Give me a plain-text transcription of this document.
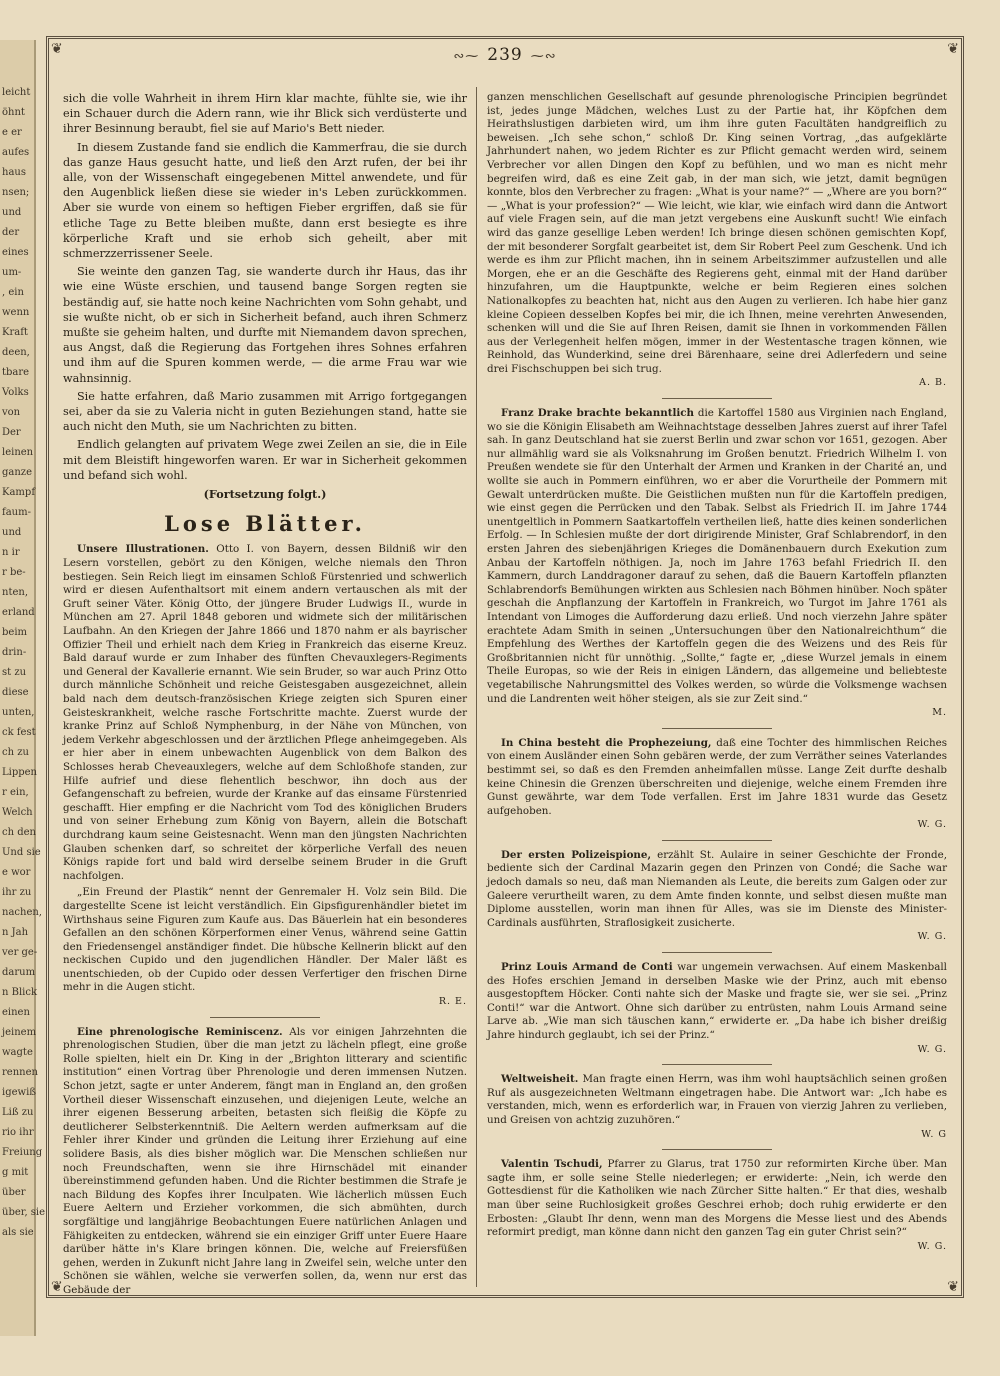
leicht
öhnt
e er
aufes
haus
nsen;
und
der
eines
um-
, ein
wenn
Kraft
deen,
tbare
Volks
von
Der
leinen
ganze
Kampf
faum-
und
n ir
r be-
nten,
erland
beim
drin-
st zu
diese
unten,
ck fest
ch zu
Lippen
r ein,
Welch
ch den
Und sie
e wor
ihr zu
nachen,
n Jah
ver ge-
darum
n Blick
einen
jeinem
wagte
rennen
igewiß
Liß zu
rio ihr
Freiung
g mit
über
über, sie
als sie
❦	❦
❦	❦
∾⁓ 239 ⁓∾

sich die volle Wahrheit in ihrem Hirn klar machte, fühlte sie, wie ihr ein Schauer durch die Adern rann, wie ihr Blick sich verdüsterte und ihrer Besinnung beraubt, fiel sie auf Mario's Bett nieder.

In diesem Zustande fand sie endlich die Kammerfrau, die sie durch das ganze Haus gesucht hatte, und ließ den Arzt rufen, der bei ihr alle, von der Wissenschaft eingegebenen Mittel anwendete, und für den Augenblick ließen diese sie wieder in's Leben zurückkommen. Aber sie wurde von einem so heftigen Fieber ergriffen, daß sie für etliche Tage zu Bette bleiben mußte, dann erst besiegte es ihre körperliche Kraft und sie erhob sich geheilt, aber mit schmerzzerrissener Seele.

Sie weinte den ganzen Tag, sie wanderte durch ihr Haus, das ihr wie eine Wüste erschien, und tausend bange Sorgen regten sie beständig auf, sie hatte noch keine Nachrichten vom Sohn gehabt, und sie wußte nicht, ob er sich in Sicherheit befand, auch ihren Schmerz mußte sie geheim halten, und durfte mit Niemandem davon sprechen, aus Angst, daß die Regierung das Fortgehen ihres Sohnes erfahren und ihm auf die Spuren kommen werde, — die arme Frau war wie wahnsinnig.

Sie hatte erfahren, daß Mario zusammen mit Arrigo fortgegangen sei, aber da sie zu Valeria nicht in guten Beziehungen stand, hatte sie auch nicht den Muth, sie um Nachrichten zu bitten.

Endlich gelangten auf privatem Wege zwei Zeilen an sie, die in Eile mit dem Bleistift hingeworfen waren. Er war in Sicherheit gekommen und befand sich wohl.

(Fortsetzung folgt.)
Lose Blätter.

Unsere Illustrationen. Otto I. von Bayern, dessen Bildniß wir den Lesern vorstellen, gebört zu den Königen, welche niemals den Thron bestiegen. Sein Reich liegt im einsamen Schloß Fürstenried und schwerlich wird er diesen Aufenthaltsort mit einem andern vertauschen als mit der Gruft seiner Väter. König Otto, der jüngere Bruder Ludwigs II., wurde in München am 27. April 1848 geboren und widmete sich der militärischen Laufbahn. An den Kriegen der Jahre 1866 und 1870 nahm er als bayrischer Offizier Theil und erhielt nach dem Krieg in Frankreich das eiserne Kreuz. Bald darauf wurde er zum Inhaber des fünften Chevauxlegers-Regiments und General der Kavallerie ernannt. Wie sein Bruder, so war auch Prinz Otto durch männliche Schönheit und reiche Geistesgaben ausgezeichnet, allein bald nach dem deutsch-französischen Kriege zeigten sich Spuren einer Geisteskrankheit, welche rasche Fortschritte machte. Zuerst wurde der kranke Prinz auf Schloß Nymphenburg, in der Nähe von München, von jedem Verkehr abgeschlossen und der ärztlichen Pflege anheimgegeben. Als er hier aber in einem unbewachten Augenblick von dem Balkon des Schlosses herab Cheveauxlegers, welche auf dem Schloßhofe standen, zur Hilfe aufrief und diese flehentlich beschwor, ihn doch aus der Gefangenschaft zu befreien, wurde der Kranke auf das einsame Fürstenried geschafft. Hier empfing er die Nachricht vom Tod des königlichen Bruders und von seiner Erhebung zum König von Bayern, allein die Botschaft durchdrang kaum seine Geistesnacht. Wenn man den jüngsten Nachrichten Glauben schenken darf, so schreitet der körperliche Verfall des neuen Königs rapide fort und bald wird derselbe seinem Bruder in die Gruft nachfolgen.

„Ein Freund der Plastik“ nennt der Genremaler H. Volz sein Bild. Die dargestellte Scene ist leicht verständlich. Ein Gipsfigurenhändler bietet im Wirthshaus seine Figuren zum Kaufe aus. Das Bäuerlein hat ein besonderes Gefallen an den schönen Körperformen einer Venus, während seine Gattin den Friedensengel anständiger findet. Die hübsche Kellnerin blickt auf den neckischen Cupido und den jugendlichen Händler. Der Maler läßt es unentschieden, ob der Cupido oder dessen Verfertiger den frischen Dirne mehr in die Augen sticht.
R. E.

Eine phrenologische Reminiscenz. Als vor einigen Jahrzehnten die phrenologischen Studien, über die man jetzt zu lächeln pflegt, eine große Rolle spielten, hielt ein Dr. King in der „Brighton litterary and scientific institution“ einen Vortrag über Phrenologie und deren immensen Nutzen. Schon jetzt, sagte er unter Anderem, fängt man in England an, den großen Vortheil dieser Wissenschaft einzusehen, und diejenigen Leute, welche an ihrer eigenen Besserung arbeiten, betasten sich fleißig die Köpfe zu deutlicherer Selbsterkenntniß. Die Aeltern werden aufmerksam auf die Fehler ihrer Kinder und gründen die Leitung ihrer Erziehung auf eine solidere Basis, als dies bisher möglich war. Die Menschen schließen nur noch Freundschaften, wenn sie ihre Hirnschädel mit einander übereinstimmend gefunden haben. Und die Richter bestimmen die Strafe je nach Bildung des Kopfes ihrer Inculpaten. Wie lächerlich müssen Euch Euere Aeltern und Erzieher vorkommen, die sich abmühten, durch sorgfältige und langjährige Beobachtungen Euere natürlichen Anlagen und Fähigkeiten zu entdecken, während sie ein einziger Griff unter Euere Haare darüber hätte in's Klare bringen können. Die, welche auf Freiersfüßen gehen, werden in Zukunft nicht Jahre lang in Zweifel sein, welche unter den Schönen sie wählen, welche sie verwerfen sollen, da, wenn nur erst das Gebäude der

ganzen menschlichen Gesellschaft auf gesunde phrenologische Principien begründet ist, jedes junge Mädchen, welches Lust zu der Partie hat, ihr Köpfchen dem Heirathslustigen darbieten wird, um ihm ihre guten Facultäten handgreiflich zu beweisen. „Ich sehe schon,“ schloß Dr. King seinen Vortrag, „das aufgeklärte Jahrhundert nahen, wo jedem Richter es zur Pflicht gemacht werden wird, seinem Verbrecher vor allen Dingen den Kopf zu befühlen, und wo man es nicht mehr begreifen wird, daß es eine Zeit gab, in der man sich, wie jetzt, damit begnügen konnte, blos den Verbrecher zu fragen: „What is your name?“ — „Where are you born?“ — „What is your profession?“ — Wie leicht, wie klar, wie einfach wird dann die Antwort auf viele Fragen sein, auf die man jetzt vergebens eine Auskunft sucht! Wie einfach wird das ganze gesellige Leben werden! Ich bringe diesen schönen gemischten Kopf, der mit besonderer Sorgfalt gearbeitet ist, dem Sir Robert Peel zum Geschenk. Und ich werde es ihm zur Pflicht machen, ihn in seinem Arbeitszimmer aufzustellen und alle Morgen, ehe er an die Geschäfte des Regierens geht, einmal mit der Hand darüber hinzufahren, um die Hauptpunkte, welche er beim Regieren eines solchen Nationalkopfes zu beachten hat, nicht aus den Augen zu verlieren. Ich habe hier ganz kleine Copieen desselben Kopfes bei mir, die ich Ihnen, meine verehrten Anwesenden, schenken will und die Sie auf Ihren Reisen, damit sie Ihnen in vorkommenden Fällen aus der Verlegenheit helfen mögen, immer in der Westentasche tragen können, wie Reinhold, das Wunderkind, seine drei Bärenhaare, seine drei Adlerfedern und seine drei Fischschuppen bei sich trug.
A. B.

Franz Drake brachte bekanntlich die Kartoffel 1580 aus Virginien nach England, wo sie die Königin Elisabeth am Weihnachtstage desselben Jahres zuerst auf ihrer Tafel sah. In ganz Deutschland hat sie zuerst Berlin und zwar schon vor 1651, gezogen. Aber nur allmählig ward sie als Volksnahrung im Großen benutzt. Friedrich Wilhelm I. von Preußen wendete sie für den Unterhalt der Armen und Kranken in der Charité an, und wollte sie auch in Pommern einführen, wo er aber die Vorurtheile der Pommern mit Gewalt unterdrücken mußte. Die Geistlichen mußten nun für die Kartoffeln predigen, wie einst gegen die Perrücken und den Tabak. Selbst als Friedrich II. im Jahre 1744 unentgeltlich in Pommern Saatkartoffeln vertheilen ließ, hatte dies keinen sonderlichen Erfolg. — In Schlesien mußte der dort dirigirende Minister, Graf Schlabrendorf, in den ersten Jahren des siebenjährigen Krieges die Domänenbauern durch Exekution zum Anbau der Kartoffeln nöthigen. Ja, noch im Jahre 1763 befahl Friedrich II. den Kammern, durch Landdragoner darauf zu sehen, daß die Bauern Kartoffeln pflanzten Schlabrendorfs Bemühungen wirkten aus Schlesien nach Böhmen hinüber. Noch später geschah die Anpflanzung der Kartoffeln in Frankreich, wo Turgot im Jahre 1761 als Intendant von Limoges die Aufforderung dazu erließ. Und noch vierzehn Jahre später erachtete Adam Smith in seinen „Untersuchungen über den Nationalreichthum“ die Empfehlung des Werthes der Kartoffeln gegen die des Weizens und des Reis für Großbritannien nicht für unnöthig. „Sollte,“ fagte er, „diese Wurzel jemals in einem Theile Europas, so wie der Reis in einigen Ländern, das allgemeine und beliebteste vegetabilische Nahrungsmittel des Volkes werden, so würde die Volksmenge wachsen und die Landrenten weit höher steigen, als sie zur Zeit sind.“
M.

In China besteht die Prophezeiung, daß eine Tochter des himmlischen Reiches von einem Ausländer einen Sohn gebären werde, der zum Verräther seines Vaterlandes bestimmt sei, so daß es den Fremden anheimfallen müsse. Lange Zeit durfte deshalb keine Chinesin die Grenzen überschreiten und diejenige, welche einem Fremden ihre Gunst gewährte, war dem Tode verfallen. Erst im Jahre 1831 wurde das Gesetz aufgehoben.
W. G.

Der ersten Polizeispione, erzählt St. Aulaire in seiner Geschichte der Fronde, bediente sich der Cardinal Mazarin gegen den Prinzen von Condé; die Sache war jedoch damals so neu, daß man Niemanden als Leute, die bereits zum Galgen oder zur Galeere verurtheilt waren, zu dem Amte finden konnte, und selbst diesen mußte man Diplome ausstellen, worin man ihnen für Alles, was sie im Dienste des Minister-Cardinals ausführten, Straflosigkeit zusicherte.
W. G.

Prinz Louis Armand de Conti war ungemein verwachsen. Auf einem Maskenball des Hofes erschien Jemand in derselben Maske wie der Prinz, auch mit ebenso ausgestopftem Höcker. Conti nahte sich der Maske und fragte sie, wer sie sei. „Prinz Conti!“ war die Antwort. Ohne sich darüber zu entrüsten, nahm Louis Armand seine Larve ab. „Wie man sich täuschen kann,“ erwiderte er. „Da habe ich bisher dreißig Jahre hindurch geglaubt, ich sei der Prinz.“
W. G.

Weltweisheit. Man fragte einen Herrn, was ihm wohl hauptsächlich seinen großen Ruf als ausgezeichneten Weltmann eingetragen habe. Die Antwort war: „Ich habe es verstanden, mich, wenn es erforderlich war, in Frauen von vierzig Jahren zu verlieben, und Greisen von achtzig zuzuhören.“
W. G

Valentin Tschudi, Pfarrer zu Glarus, trat 1750 zur reformirten Kirche über. Man sagte ihm, er solle seine Stelle niederlegen; er erwiderte: „Nein, ich werde den Gottesdienst für die Katholiken wie nach Zürcher Sitte halten.“ Er that dies, weshalb man über seine Ruchlosigkeit großes Geschrei erhob; doch ruhig erwiderte er den Erbosten: „Glaubt Ihr denn, wenn man des Morgens die Messe liest und des Abends reformirt predigt, man könne dann nicht den ganzen Tag ein guter Christ sein?“
W. G.
